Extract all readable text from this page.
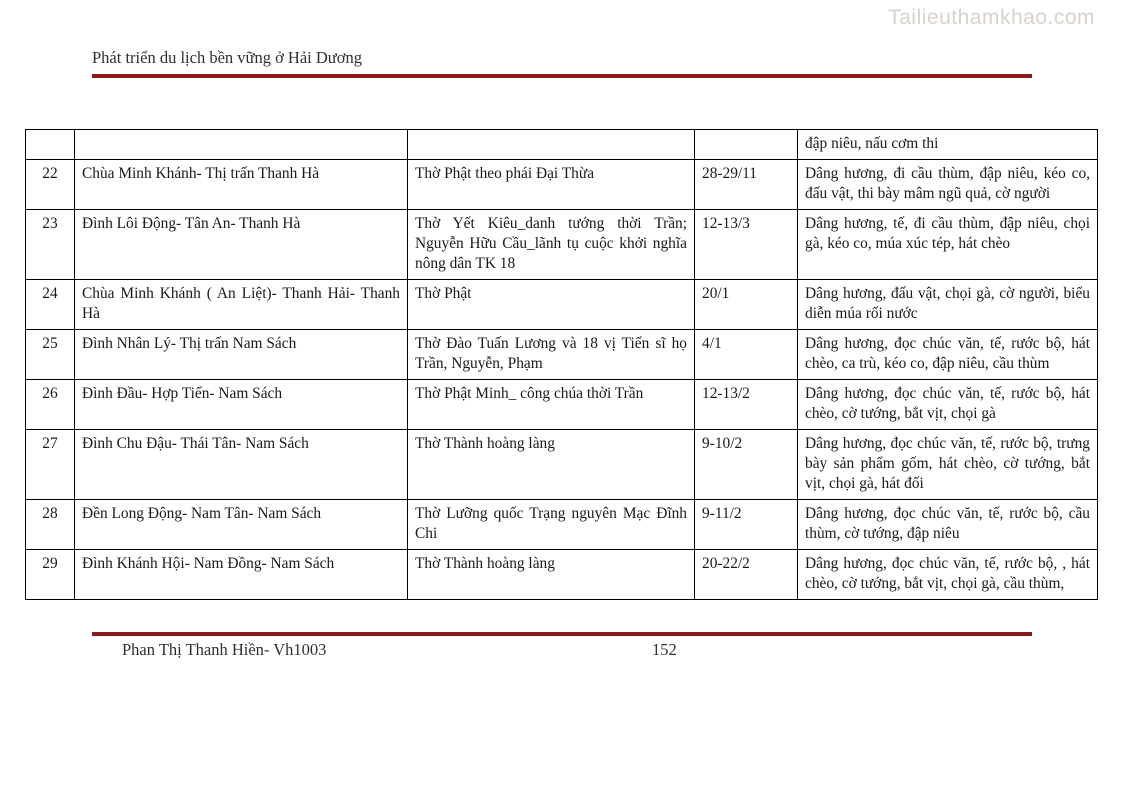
Tailieuthamkhao.com
Phát triển du lịch bền vững ở Hải Dương
				đập niêu, nấu cơm thi
22	Chùa Minh Khánh- Thị trấn Thanh Hà	Thờ Phật theo phái Đại Thừa	28-29/11	Dâng hương, đi cầu thùm, đập niêu, kéo co, đấu vật, thi bày mâm ngũ quả, cờ người
23	Đình Lôi Động- Tân An- Thanh Hà	Thờ Yết Kiêu_danh tướng thời Trần; Nguyễn Hữu Cầu_lãnh tụ cuộc khởi nghĩa nông dân TK 18	12-13/3	Dâng hương, tế, đi cầu thùm, đập niêu, chọi gà, kéo co, múa xúc tép, hát chèo
24	Chùa Minh Khánh ( An Liệt)- Thanh Hải- Thanh Hà	Thờ Phật	20/1	Dâng hương, đấu vật, chọi gà, cờ người, biểu diễn múa rối nước
25	Đình Nhân Lý- Thị trấn Nam Sách	Thờ Đào Tuấn Lương và 18 vị Tiến sĩ họ Trần, Nguyễn, Phạm	4/1	Dâng hương, đọc chúc văn, tế, rước bộ, hát chèo, ca trù, kéo co, đập niêu, cầu thùm
26	Đình Đầu- Hợp Tiến- Nam Sách	Thờ Phật Minh_ công chúa thời Trần	12-13/2	Dâng hương, đọc chúc văn, tế, rước bộ, hát chèo, cờ tướng, bắt vịt, chọi gà
27	Đình Chu Đậu- Thái Tân- Nam Sách	Thờ Thành hoàng làng	9-10/2	Dâng hương, đọc chúc văn, tế, rước bộ, trưng bày sản phẩm gốm, hát chèo, cờ tướng, bắt vịt, chọi gà, hát đối
28	Đền Long Động- Nam Tân- Nam Sách	Thờ Lưỡng quốc Trạng nguyên Mạc Đĩnh Chi	9-11/2	Dâng hương, đọc chúc văn, tế, rước bộ, cầu thùm, cờ tướng, đập niêu
29	Đình Khánh Hội- Nam Đồng- Nam Sách	Thờ Thành hoàng làng	20-22/2	Dâng hương, đọc chúc văn, tế, rước bộ, , hát chèo, cờ tướng, bắt vịt, chọi gà, cầu thùm,
Phan Thị Thanh Hiền- Vh1003	152
